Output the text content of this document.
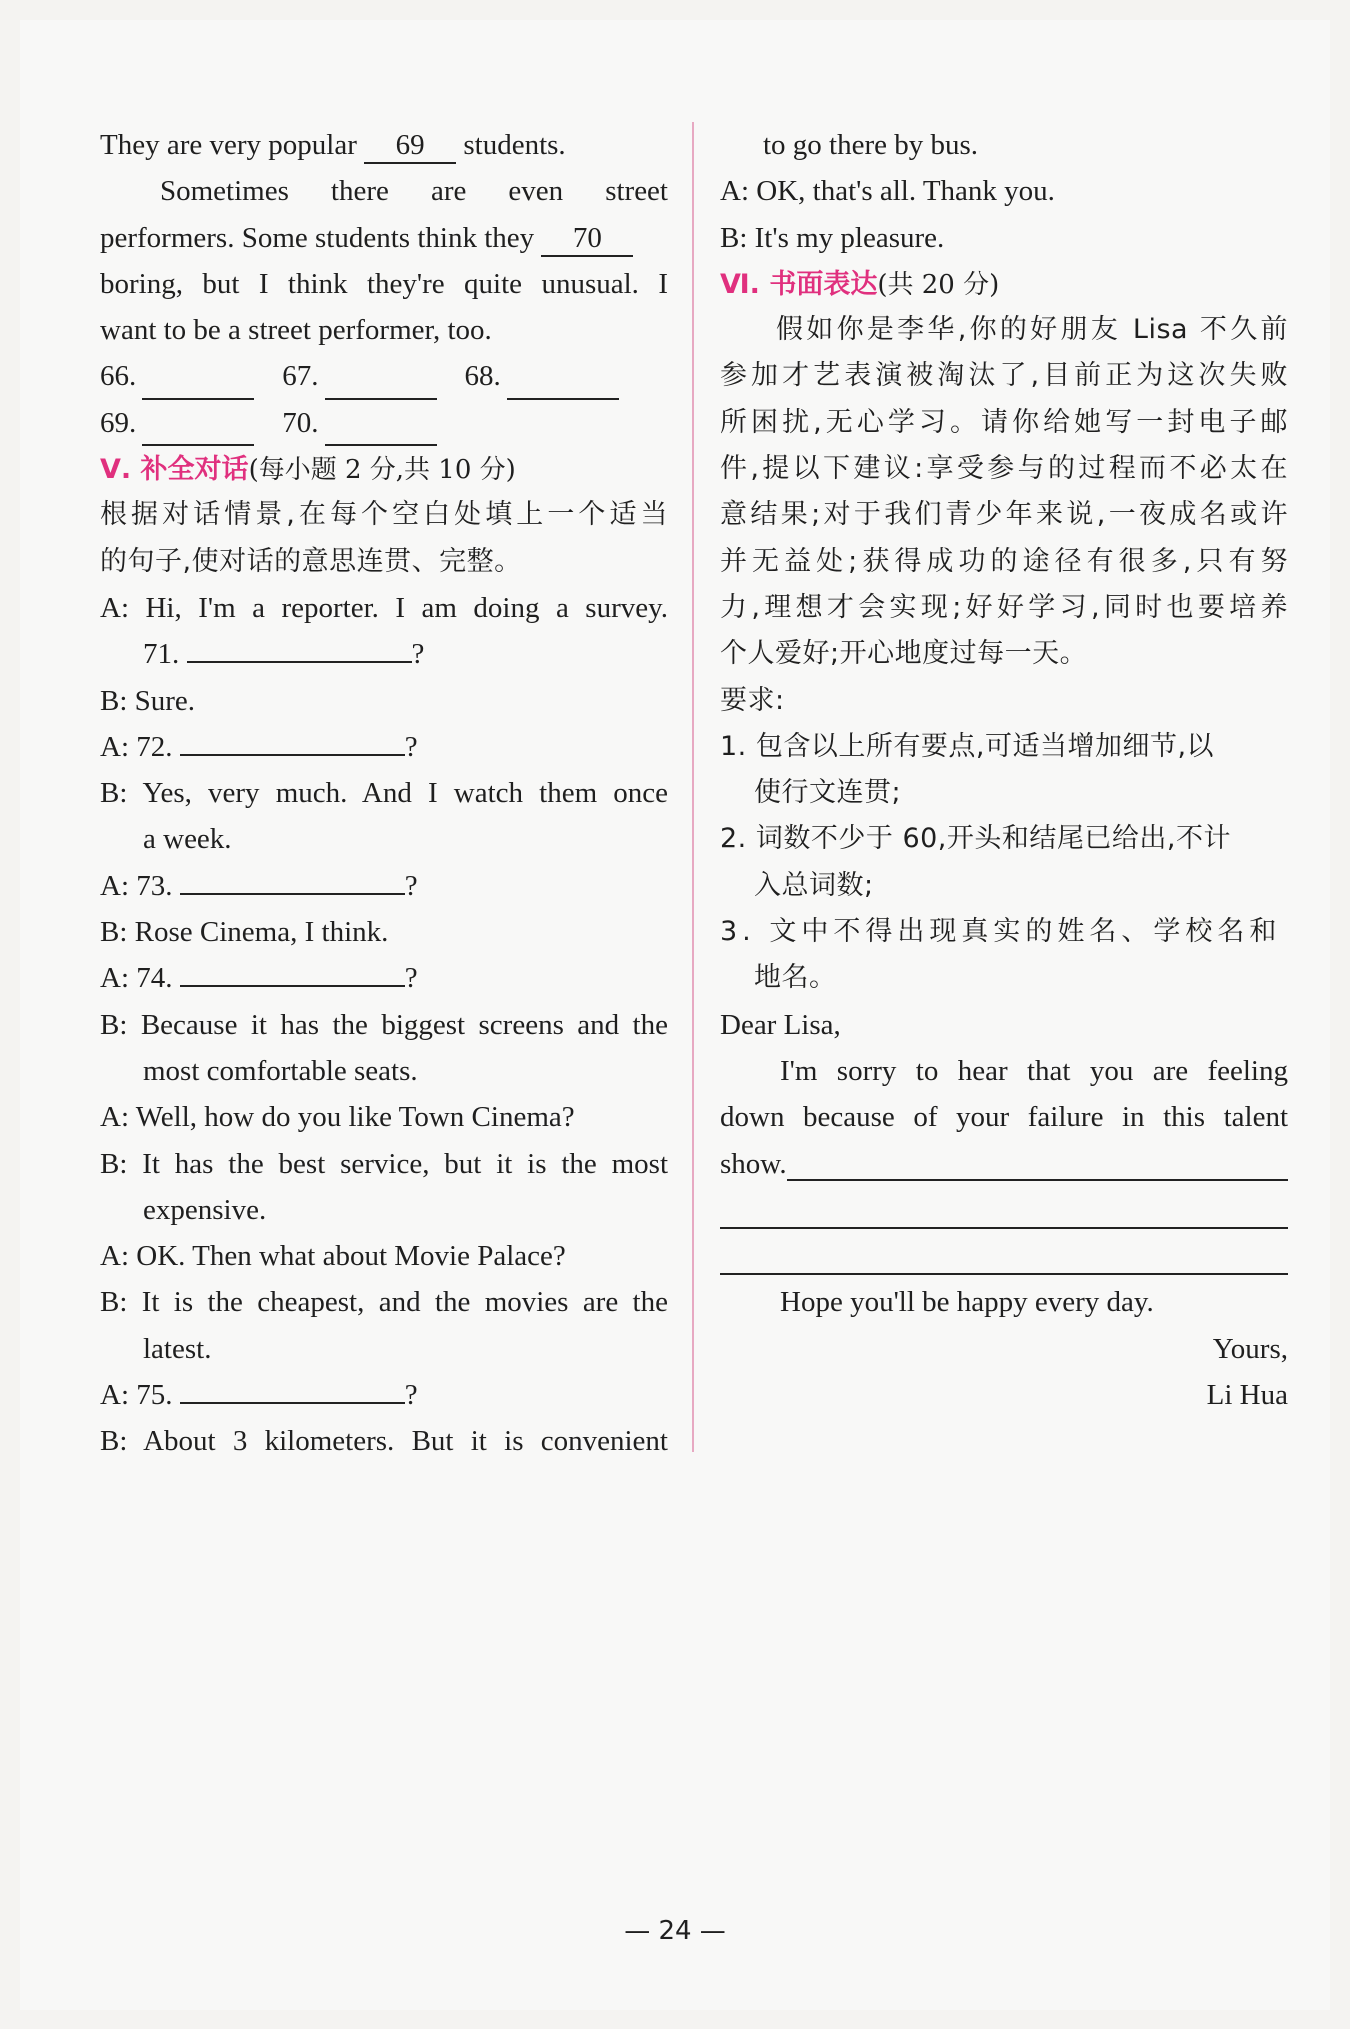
They are very popular 69 students.
Sometimes there are even street
performers. Some students think they 70
boring, but I think they're quite unusual. I
want to be a street performer, too.
66.	67.	68.
69.	70.
Ⅴ. 补全对话(每小题 2 分,共 10 分)
根据对话情景,在每个空白处填上一个适当
的句子,使对话的意思连贯、完整。
A: Hi, I'm a reporter. I am doing a survey.
71.	?
B: Sure.
A: 72.	?
B: Yes, very much. And I watch them once
a week.
A: 73.	?
B: Rose Cinema, I think.
A: 74.	?
B: Because it has the biggest screens and the
most comfortable seats.
A: Well, how do you like Town Cinema?
B: It has the best service, but it is the most
expensive.
A: OK. Then what about Movie Palace?
B: It is the cheapest, and the movies are the
latest.
A: 75.	?
B: About 3 kilometers. But it is convenient
to go there by bus.
A: OK, that's all. Thank you.
B: It's my pleasure.
Ⅵ. 书面表达(共 20 分)
假如你是李华,你的好朋友 Lisa 不久前
参加才艺表演被淘汰了,目前正为这次失败
所困扰,无心学习。请你给她写一封电子邮
件,提以下建议:享受参与的过程而不必太在
意结果;对于我们青少年来说,一夜成名或许
并无益处;获得成功的途径有很多,只有努
力,理想才会实现;好好学习,同时也要培养
个人爱好;开心地度过每一天。
要求:
1. 包含以上所有要点,可适当增加细节,以
使行文连贯;
2. 词数不少于 60,开头和结尾已给出,不计
入总词数;
3. 文中不得出现真实的姓名、学校名和
地名。
Dear Lisa,
I'm sorry to hear that you are feeling
down because of your failure in this talent
show.
Hope you'll be happy every day.
Yours,
Li Hua
— 24 —
